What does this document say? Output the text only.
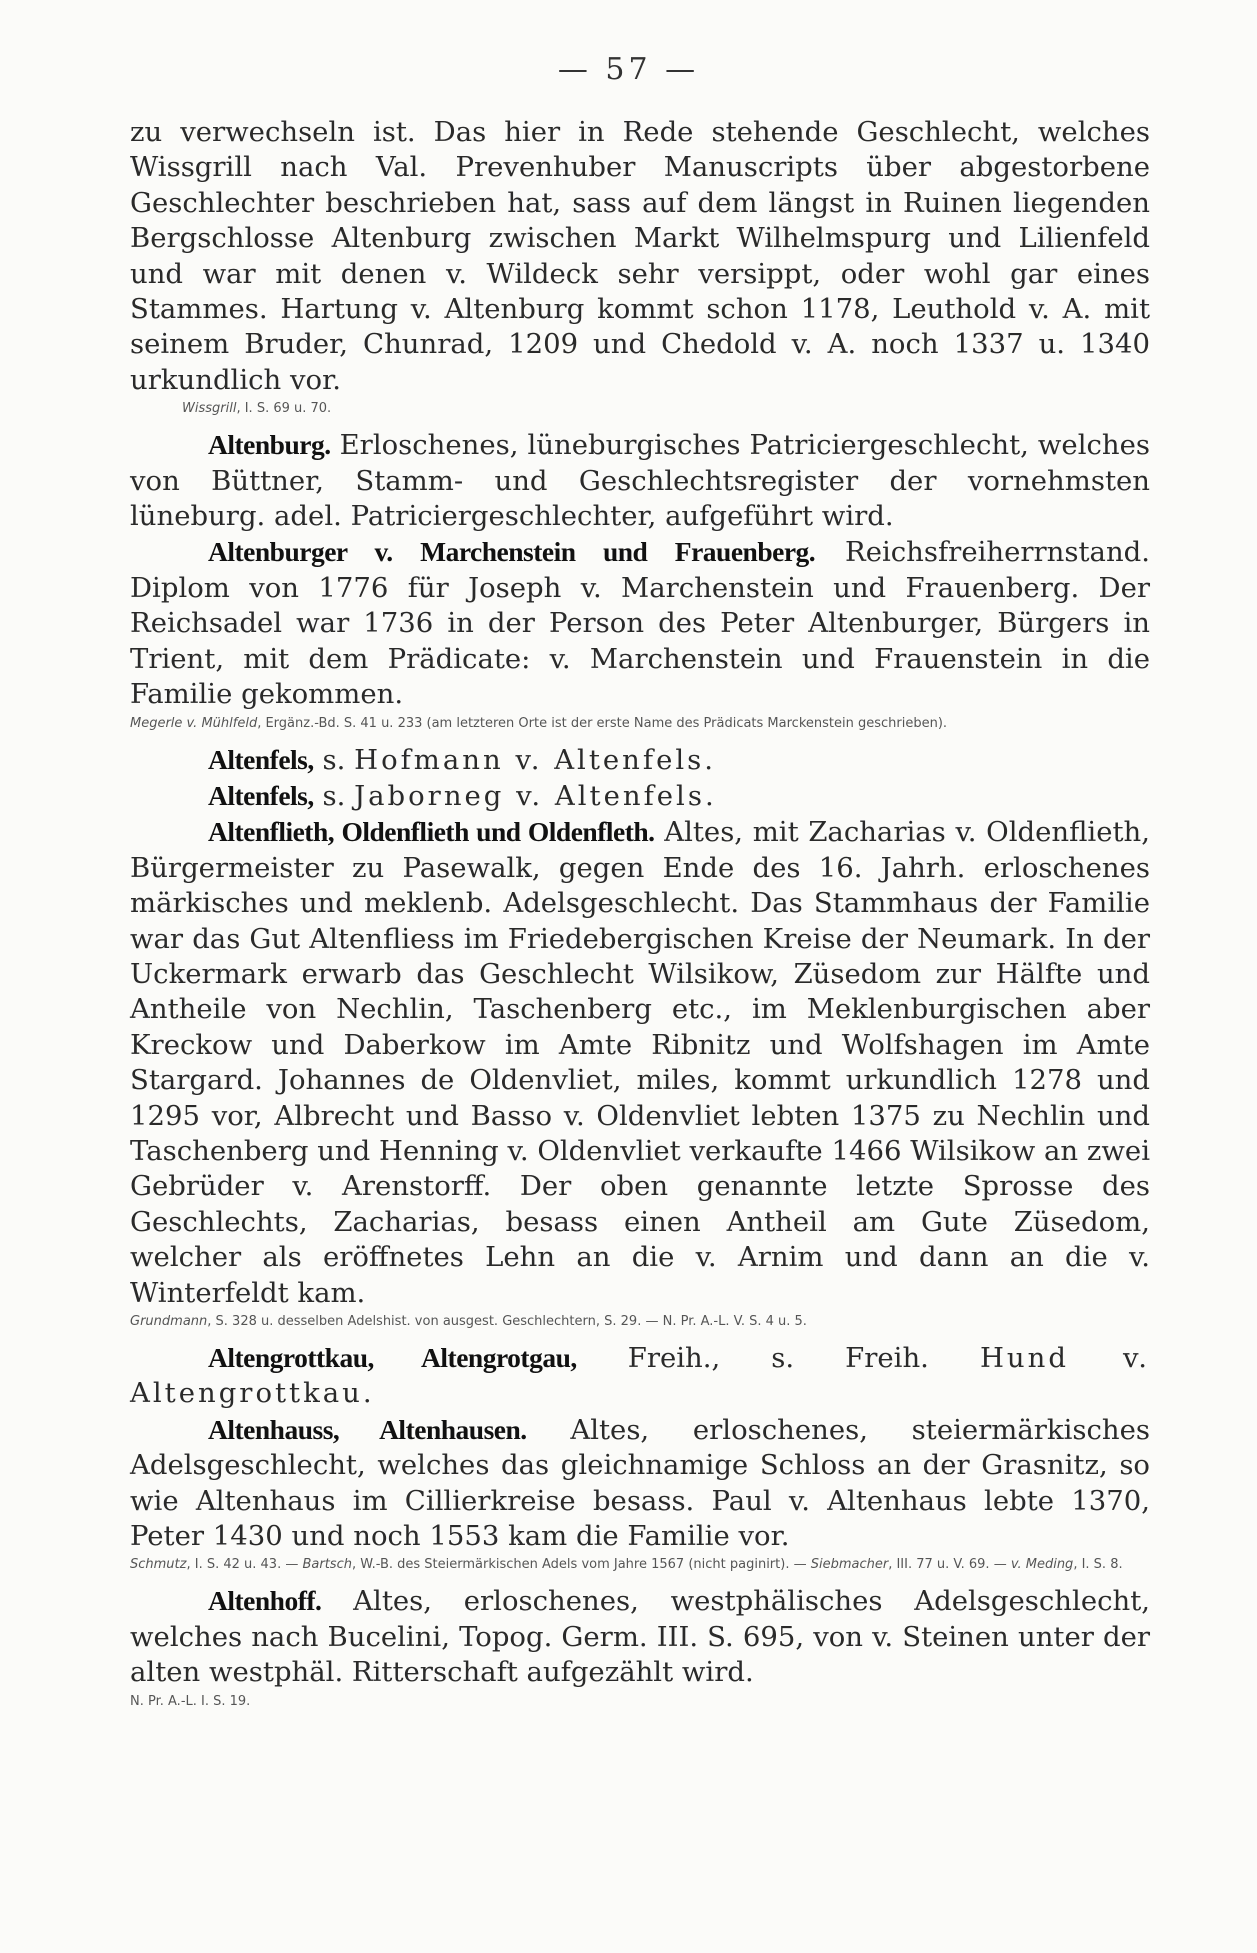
— 57 —

zu verwechseln ist. Das hier in Rede stehende Geschlecht, welches Wissgrill nach Val. Prevenhuber Manuscripts über abgestorbene Geschlechter beschrieben hat, sass auf dem längst in Ruinen liegenden Bergschlosse Altenburg zwischen Markt Wilhelmspurg und Lilienfeld und war mit denen v. Wildeck sehr versippt, oder wohl gar eines Stammes. Hartung v. Altenburg kommt schon 1178, Leuthold v. A. mit seinem Bruder, Chunrad, 1209 und Chedold v. A. noch 1337 u. 1340 urkundlich vor.

Wissgrill, I. S. 69 u. 70.

Altenburg. Erloschenes, lüneburgisches Patriciergeschlecht, welches von Büttner, Stamm- und Geschlechtsregister der vornehmsten lüneburg. adel. Patriciergeschlechter, aufgeführt wird.

Altenburger v. Marchenstein und Frauenberg. Reichsfreiherrnstand. Diplom von 1776 für Joseph v. Marchenstein und Frauenberg. Der Reichsadel war 1736 in der Person des Peter Altenburger, Bürgers in Trient, mit dem Prädicate: v. Marchenstein und Frauenstein in die Familie gekommen.

Megerle v. Mühlfeld, Ergänz.-Bd. S. 41 u. 233 (am letzteren Orte ist der erste Name des Prädicats Marckenstein geschrieben).

Altenfels, s. Hofmann v. Altenfels.

Altenfels, s. Jaborneg v. Altenfels.

Altenflieth, Oldenflieth und Oldenfleth. Altes, mit Zacharias v. Oldenflieth, Bürgermeister zu Pasewalk, gegen Ende des 16. Jahrh. erloschenes märkisches und meklenb. Adelsgeschlecht. Das Stammhaus der Familie war das Gut Altenfliess im Friedebergischen Kreise der Neumark. In der Uckermark erwarb das Geschlecht Wilsikow, Züsedom zur Hälfte und Antheile von Nechlin, Taschenberg etc., im Meklenburgischen aber Kreckow und Daberkow im Amte Ribnitz und Wolfshagen im Amte Stargard. Johannes de Oldenvliet, miles, kommt urkundlich 1278 und 1295 vor, Albrecht und Basso v. Oldenvliet lebten 1375 zu Nechlin und Taschenberg und Henning v. Oldenvliet verkaufte 1466 Wilsikow an zwei Gebrüder v. Arenstorff. Der oben genannte letzte Sprosse des Geschlechts, Zacharias, besass einen Antheil am Gute Züsedom, welcher als eröffnetes Lehn an die v. Arnim und dann an die v. Winterfeldt kam.

Grundmann, S. 328 u. desselben Adelshist. von ausgest. Geschlechtern, S. 29. — N. Pr. A.-L. V. S. 4 u. 5.

Altengrottkau, Altengrotgau, Freih., s. Freih. Hund v. Altengrottkau.

Altenhauss, Altenhausen. Altes, erloschenes, steiermärkisches Adelsgeschlecht, welches das gleichnamige Schloss an der Grasnitz, so wie Altenhaus im Cillierkreise besass. Paul v. Altenhaus lebte 1370, Peter 1430 und noch 1553 kam die Familie vor.

Schmutz, I. S. 42 u. 43. — Bartsch, W.-B. des Steiermärkischen Adels vom Jahre 1567 (nicht paginirt). — Siebmacher, III. 77 u. V. 69. — v. Meding, I. S. 8.

Altenhoff. Altes, erloschenes, westphälisches Adelsgeschlecht, welches nach Bucelini, Topog. Germ. III. S. 695, von v. Steinen unter der alten westphäl. Ritterschaft aufgezählt wird.

N. Pr. A.-L. I. S. 19.
